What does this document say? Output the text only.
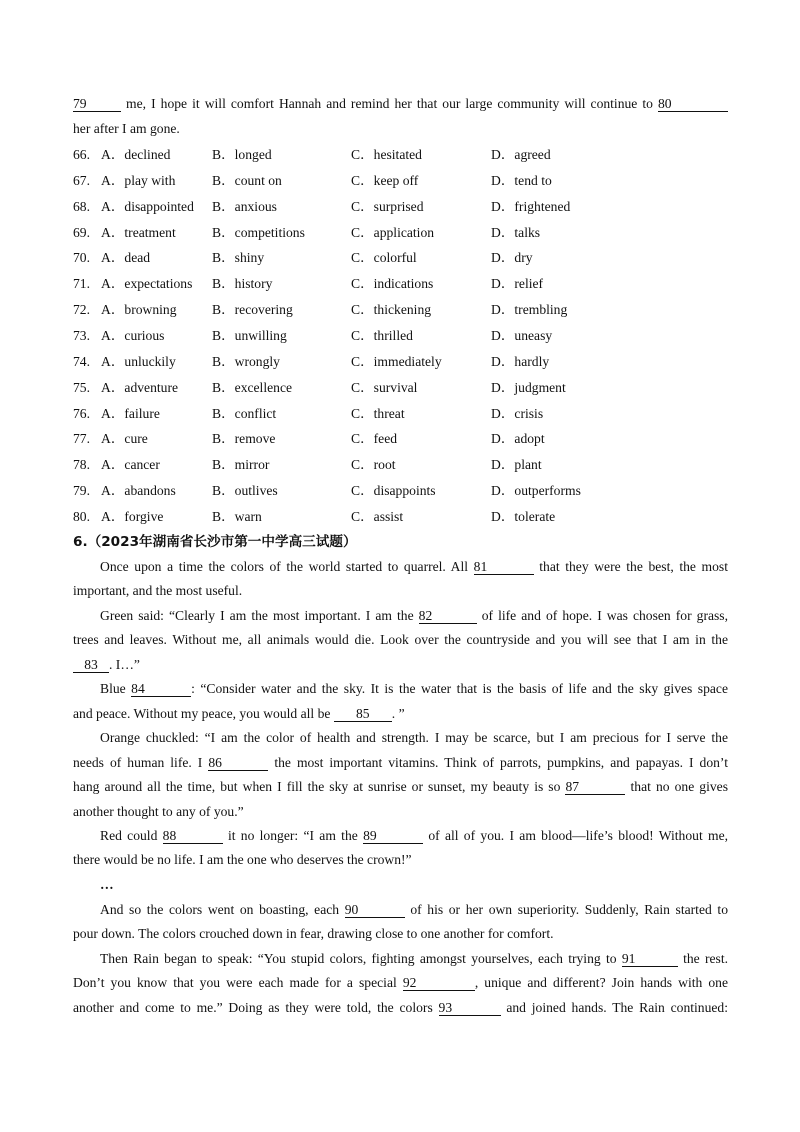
79	me, I hope it will comfort Hannah and remind her that our large community will continue to 80
her after I am gone.
66. A．declined	B．longed	C．hesitated	D．agreed
67. A．play with	B．count on	C．keep off	D．tend to
68. A．disappointed B．anxious	C．surprised	D．frightened
69. A．treatment	B．competitions	C．application	D．talks
70. A．dead	B．shiny	C．colorful	D．dry
71. A．expectations B．history	C．indications	D．relief
72. A．browning	B．recovering	C．thickening	D．trembling
73. A．curious	B．unwilling	C．thrilled	D．uneasy
74. A．unluckily	B．wrongly	C．immediately	D．hardly
75. A．adventure B．excellence	C．survival	D．judgment
76. A．failure	B．conflict	C．threat	D．crisis
77. A．cure	B．remove	C．feed	D．adopt
78. A．cancer	B．mirror	C．root	D．plant
79. A．abandons	B．outlives	C．disappoints	D．outperforms
80. A．forgive	B．warn	C．assist	D．tolerate
6.（2023年湖南省长沙市第一中学高三试题）
Once upon a time the colors of the world started to quarrel. All 81	that they were the best, the most
important, and the most useful.
Green said: “Clearly I am the most important. I am the 82	of life and of hope. I was chosen for grass,
trees and leaves. Without me, all animals would die. Look over the countryside and you will see that I am in the
83 . I…”
Blue 84	: “Consider water and the sky. It is the water that is the basis of life and the sky gives space
and peace. Without my peace, you would all be 85 . ”
Orange chuckled: “I am the color of health and strength. I may be scarce, but I am precious for I serve the
needs of human life. I 86	the most important vitamins. Think of parrots, pumpkins, and papayas. I don’t
hang around all the time, but when I fill the sky at sunrise or sunset, my beauty is so 87	that no one gives
another thought to any of you.”
Red could 88	it no longer: “I am the 89	of all of you. I am blood—life’s blood! Without me,
there would be no life. I am the one who deserves the crown!”
…
And so the colors went on boasting, each 90	of his or her own superiority. Suddenly, Rain started to
pour down. The colors crouched down in fear, drawing close to one another for comfort.
Then Rain began to speak: “You stupid colors, fighting amongst yourselves, each trying to 91	the rest.
Don’t you know that you were each made for a special 92	, unique and different? Join hands with one
another and come to me.” Doing as they were told, the colors 93	and joined hands. The Rain continued:
